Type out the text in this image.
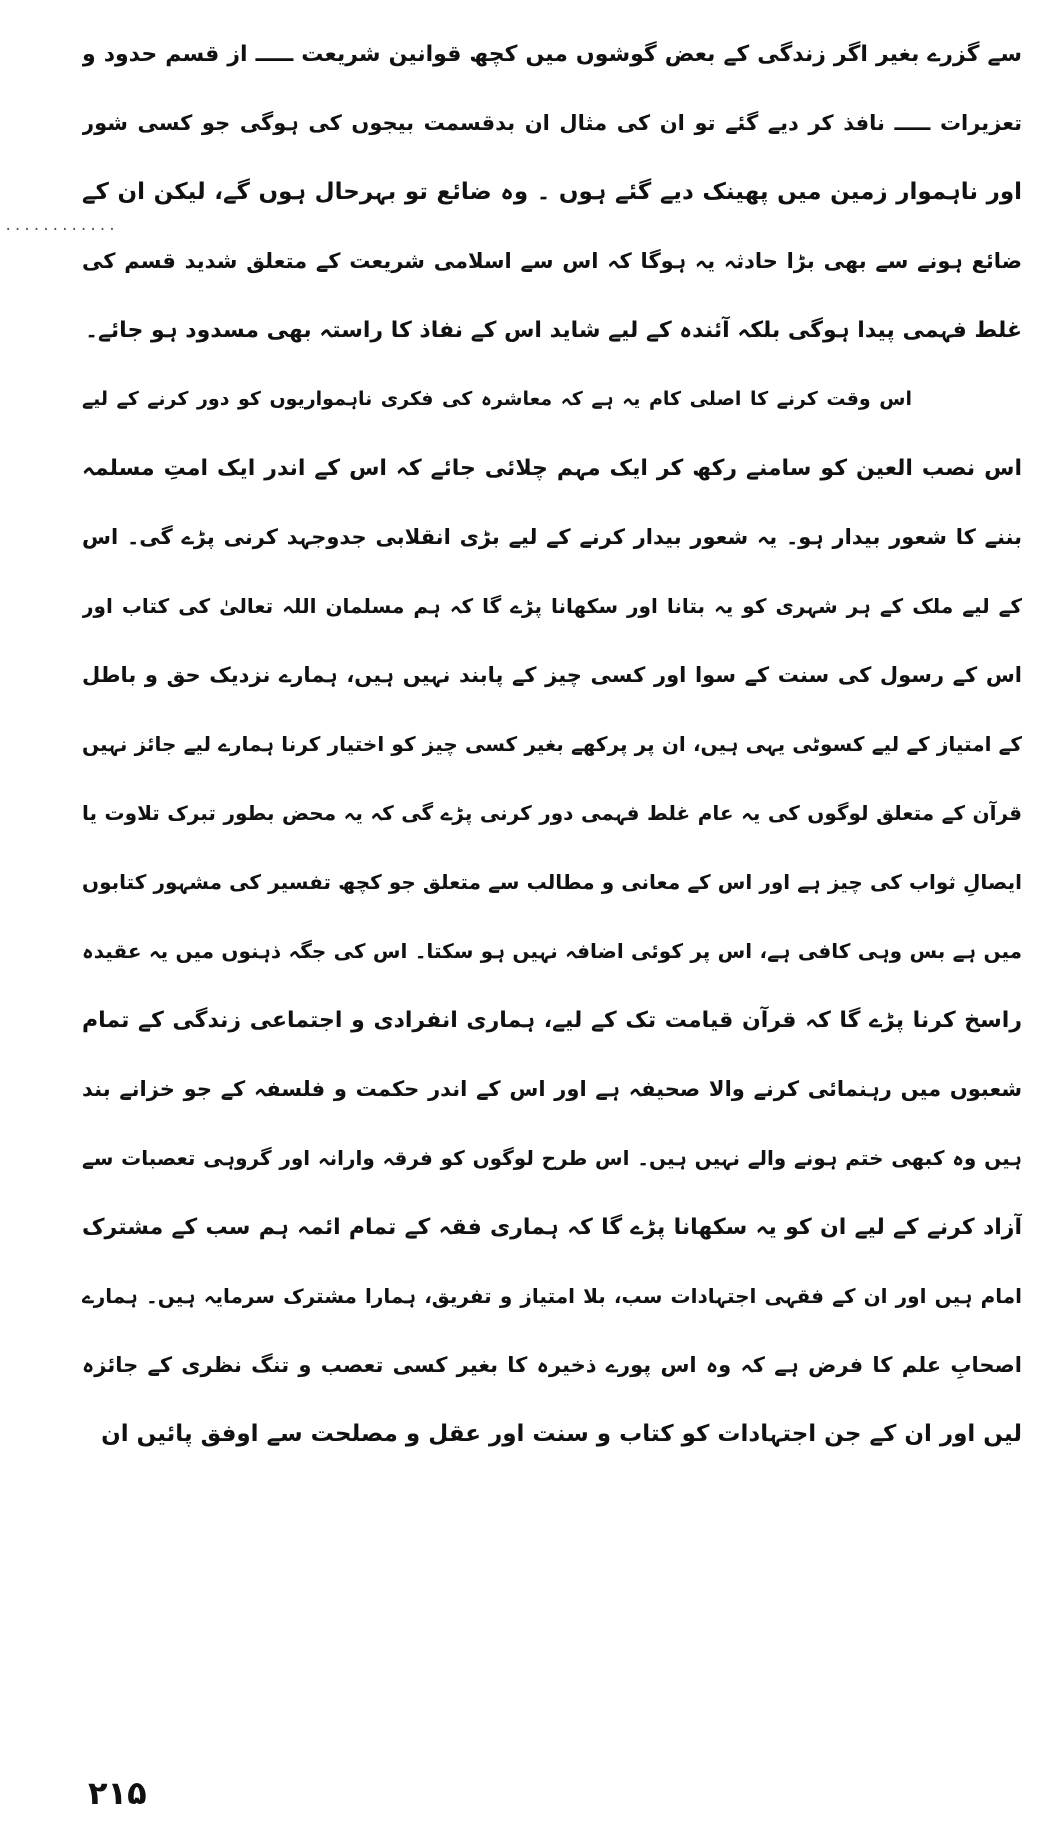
............
سے گزرے بغیر اگر زندگی کے بعض گوشوں میں کچھ قوانین شریعت ـــــ از قسم حدود و
تعزیرات ـــــ نافذ کر دیے گئے تو ان کی مثال ان بدقسمت بیجوں کی ہوگی جو کسی شور
اور ناہموار زمین میں پھینک دیے گئے ہوں ۔ وہ ضائع تو بہرحال ہوں گے، لیکن ان کے
ضائع ہونے سے بھی بڑا حادثہ یہ ہوگا کہ اس سے اسلامی شریعت کے متعلق شدید قسم کی
غلط فہمی پیدا ہوگی بلکہ آئندہ کے لیے شاید اس کے نفاذ کا راستہ بھی مسدود ہو جائے۔
اس وقت کرنے کا اصلی کام یہ ہے کہ معاشرہ کی فکری ناہمواریوں کو دور کرنے کے لیے
اس نصب العین کو سامنے رکھ کر ایک مہم چلائی جائے کہ اس کے اندر ایک امتِ مسلمہ
بننے کا شعور بیدار ہو۔ یہ شعور بیدار کرنے کے لیے بڑی انقلابی جدوجہد کرنی پڑے گی۔ اس
کے لیے ملک کے ہر شہری کو یہ بتانا اور سکھانا پڑے گا کہ ہم مسلمان اللہ تعالیٰ کی کتاب اور
اس کے رسول کی سنت کے سوا اور کسی چیز کے پابند نہیں ہیں، ہمارے نزدیک حق و باطل
کے امتیاز کے لیے کسوٹی یہی ہیں، ان پر پرکھے بغیر کسی چیز کو اختیار کرنا ہمارے لیے جائز نہیں
قرآن کے متعلق لوگوں کی یہ عام غلط فہمی دور کرنی پڑے گی کہ یہ محض بطور تبرک تلاوت یا
ایصالِ ثواب کی چیز ہے اور اس کے معانی و مطالب سے متعلق جو کچھ تفسیر کی مشہور کتابوں
میں ہے بس وہی کافی ہے، اس پر کوئی اضافہ نہیں ہو سکتا۔ اس کی جگہ ذہنوں میں یہ عقیدہ
راسخ کرنا پڑے گا کہ قرآن قیامت تک کے لیے، ہماری انفرادی و اجتماعی زندگی کے تمام
شعبوں میں رہنمائی کرنے والا صحیفہ ہے اور اس کے اندر حکمت و فلسفہ کے جو خزانے بند
ہیں وہ کبھی ختم ہونے والے نہیں ہیں۔ اس طرح لوگوں کو فرقہ وارانہ اور گروہی تعصبات سے
آزاد کرنے کے لیے ان کو یہ سکھانا پڑے گا کہ ہماری فقہ کے تمام ائمہ ہم سب کے مشترک
امام ہیں اور ان کے فقہی اجتہادات سب، بلا امتیاز و تفریق، ہمارا مشترک سرمایہ ہیں۔ ہمارے
اصحابِ علم کا فرض ہے کہ وہ اس پورے ذخیرہ کا بغیر کسی تعصب و تنگ نظری کے جائزہ
لیں اور ان کے جن اجتہادات کو کتاب و سنت اور عقل و مصلحت سے اوفق پائیں ان
۲۱۵
